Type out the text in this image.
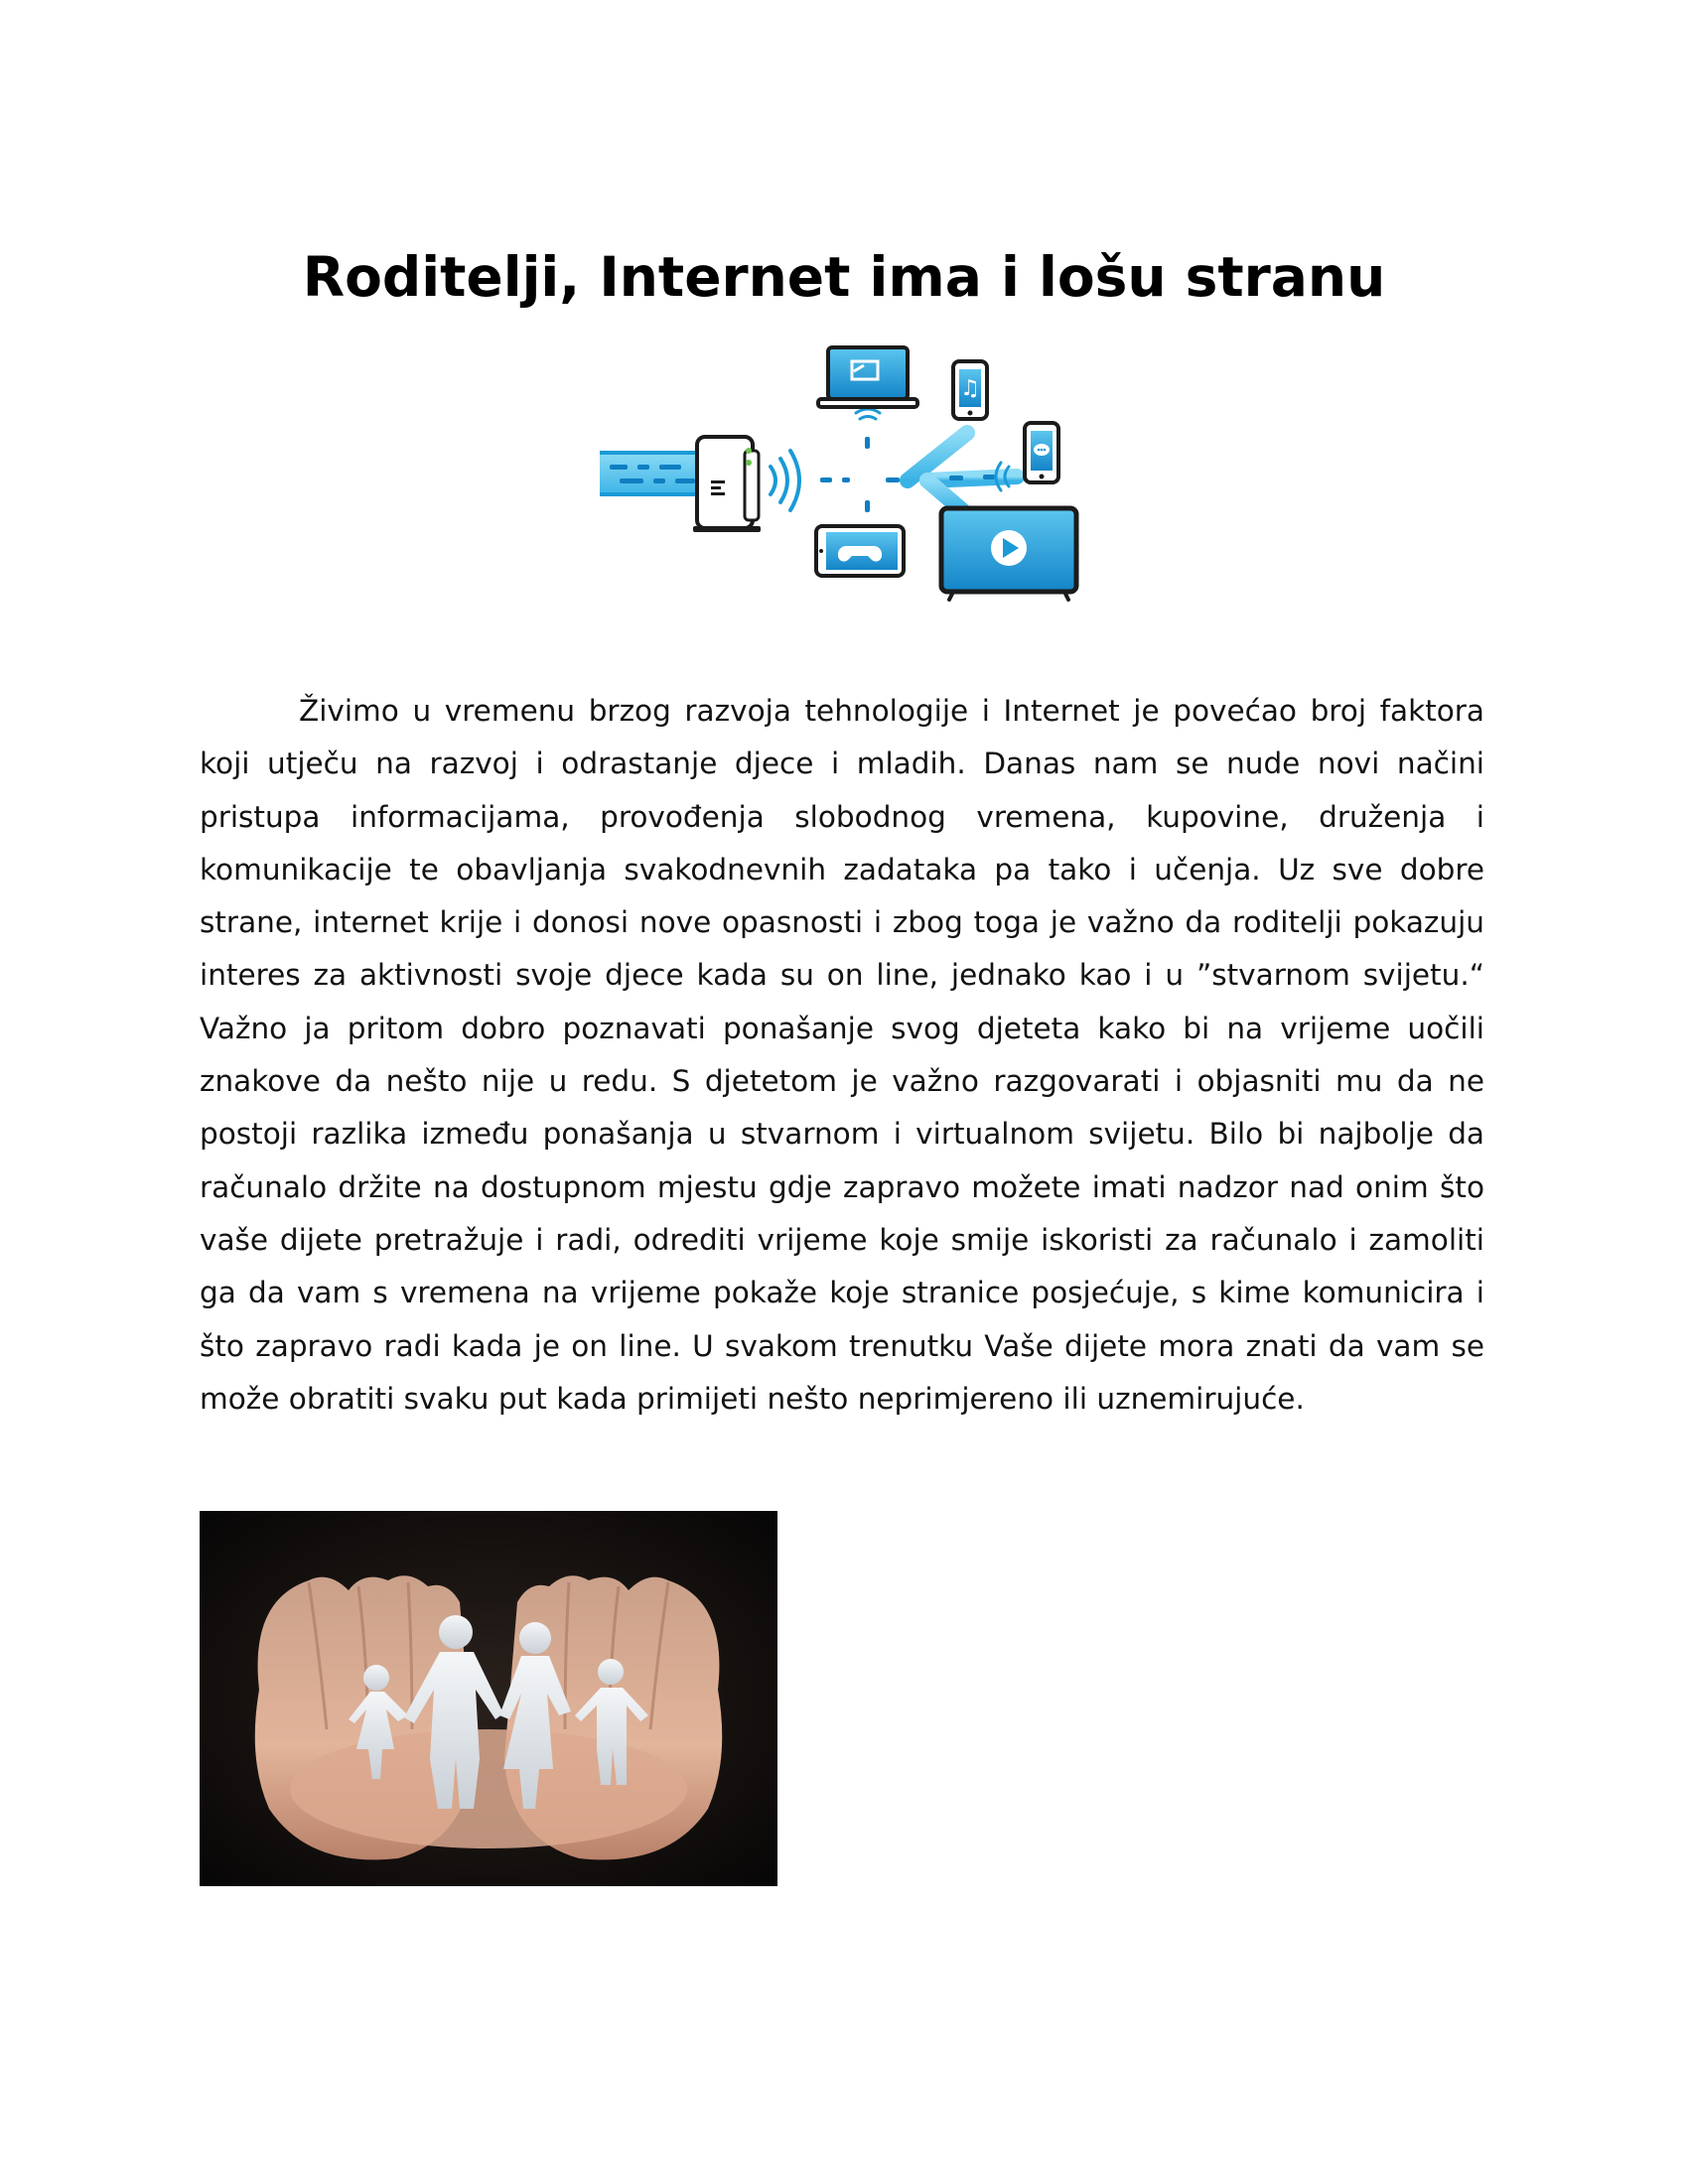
Roditelji, Internet ima i lošu stranu
♫

Živimo u vremenu brzog razvoja tehnologije i Internet je povećao broj faktora koji utječu na razvoj i odrastanje djece i mladih. Danas nam se nude novi načini pristupa informacijama, provođenja slobodnog vremena, kupovine, druženja i komunikacije te obavljanja svakodnevnih zadataka pa tako i učenja. Uz sve dobre strane, internet krije i donosi nove opasnosti i zbog toga je važno da roditelji pokazuju interes za aktivnosti svoje djece kada su on line, jednako kao i u ”stvarnom svijetu.“ Važno ja pritom dobro poznavati ponašanje svog djeteta kako bi na vrijeme uočili znakove da nešto nije u redu. S djetetom je važno razgovarati i objasniti mu da ne postoji razlika između ponašanja u stvarnom i virtualnom svijetu. Bilo bi najbolje da računalo držite na dostupnom mjestu gdje zapravo možete imati nadzor nad onim što vaše dijete pretražuje i radi, odrediti vrijeme koje smije iskoristi za računalo i zamoliti ga da vam s vremena na vrijeme pokaže koje stranice posjećuje, s kime komunicira i što zapravo radi kada je on line. U svakom trenutku Vaše dijete mora znati da vam se može obratiti svaku put kada primijeti nešto neprimjereno ili uznemirujuće.
